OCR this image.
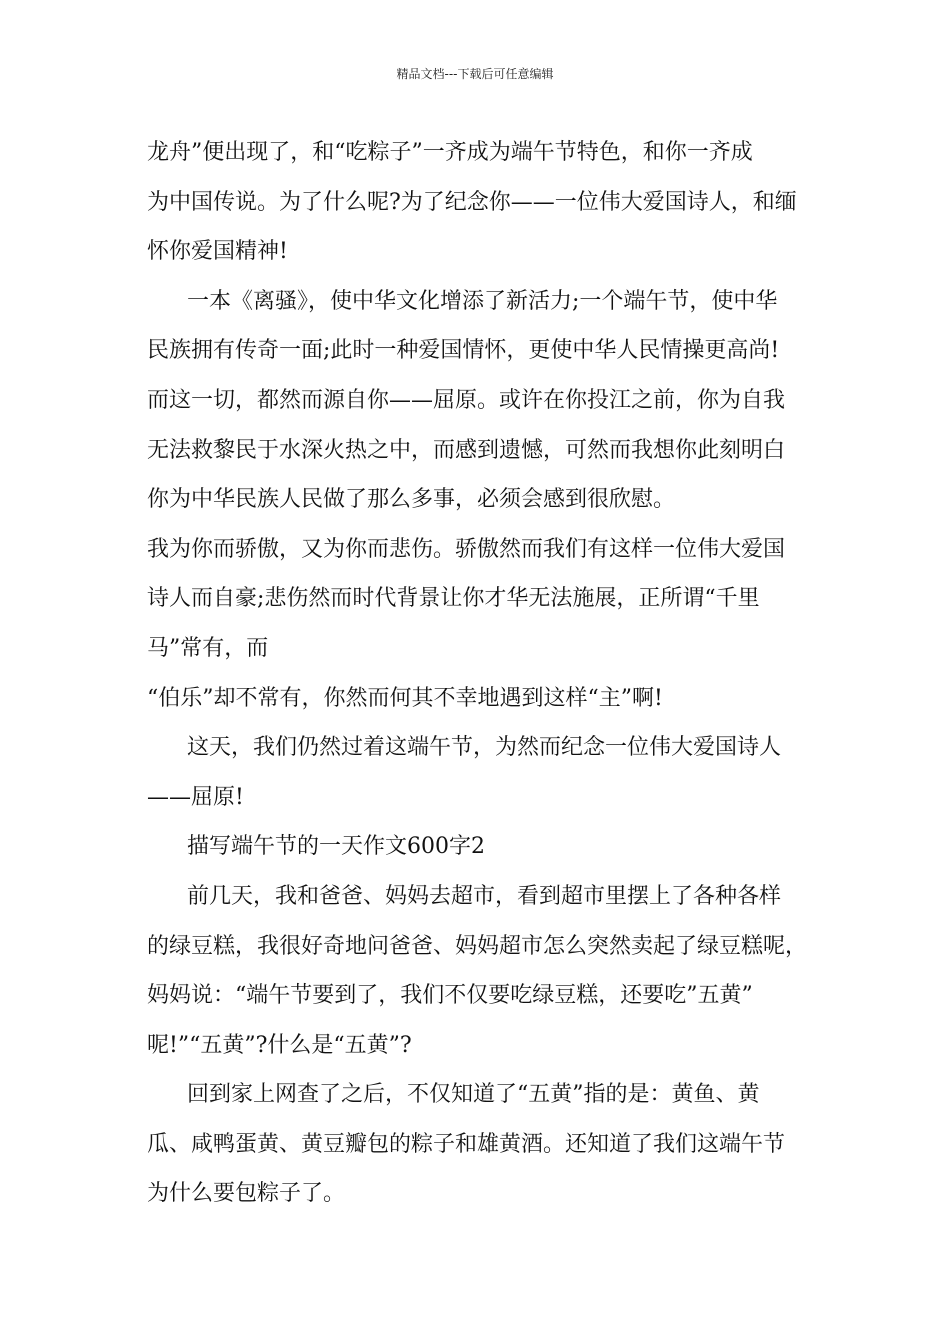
精品文档---下载后可任意编辑
龙舟”便出现了，和“吃粽子”一齐成为端午节特色，和你一齐成
为中国传说。为了什么呢?为了纪念你——一位伟大爱国诗人，和缅
怀你爱国精神!
一本《离骚》，使中华文化增添了新活力;一个端午节，使中华
民族拥有传奇一面;此时一种爱国情怀，更使中华人民情操更高尚!
而这一切，都然而源自你——屈原。或许在你投江之前，你为自我
无法救黎民于水深火热之中，而感到遗憾，可然而我想你此刻明白
你为中华民族人民做了那么多事，必须会感到很欣慰。
我为你而骄傲，又为你而悲伤。骄傲然而我们有这样一位伟大爱国
诗人而自豪;悲伤然而时代背景让你才华无法施展，正所谓“千里
马”常有，而
“伯乐”却不常有，你然而何其不幸地遇到这样“主”啊!
这天，我们仍然过着这端午节，为然而纪念一位伟大爱国诗人
——屈原!
描写端午节的一天作文600字2
前几天，我和爸爸、妈妈去超市，看到超市里摆上了各种各样
的绿豆糕，我很好奇地问爸爸、妈妈超市怎么突然卖起了绿豆糕呢，
妈妈说：“端午节要到了，我们不仅要吃绿豆糕，还要吃”五黄”
呢!”“五黄”?什么是“五黄”?
回到家上网查了之后，不仅知道了“五黄”指的是：黄鱼、黄
瓜、咸鸭蛋黄、黄豆瓣包的粽子和雄黄酒。还知道了我们这端午节
为什么要包粽子了。
